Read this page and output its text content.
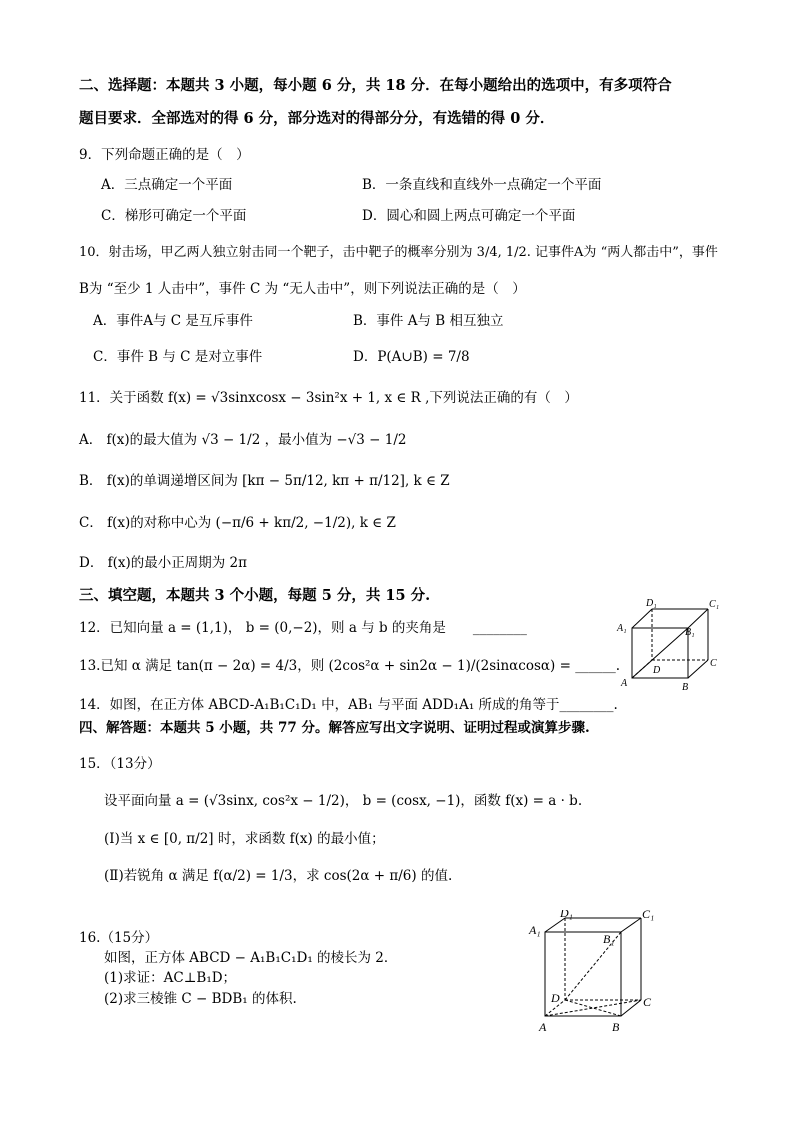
二、选择题：本题共 3 小题，每小题 6 分，共 18 分．在每小题给出的选项中，有多项符合
题目要求．全部选对的得 6 分，部分选对的得部分分，有选错的得 0 分．
9．下列命题正确的是（　）
A．三点确定一个平面	B．一条直线和直线外一点确定一个平面
C．梯形可确定一个平面	D．圆心和圆上两点可确定一个平面
10．射击场，甲乙两人独立射击同一个靶子，击中靶子的概率分别为 3/4, 1/2. 记事件A为 “两人都击中”，事件
B为 “至少 1 人击中”，事件 C 为 “无人击中”，则下列说法正确的是（　）
A．事件A与 C 是互斥事件	B．事件 A与 B 相互独立
C．事件 B 与 C 是对立事件	D．P(A∪B) = 7/8
11．关于函数 f(x) = √3sinxcosx − 3sin²x + 1, x ∈ R ,下列说法正确的有（　）
A． f(x)的最大值为 √3 − 1/2 ，最小值为 −√3 − 1/2
B． f(x)的单调递增区间为 [kπ − 5π/12, kπ + π/12], k ∈ Z
C． f(x)的对称中心为 (−π/6 + kπ/2, −1/2), k ∈ Z
D． f(x)的最小正周期为 2π
三、填空题，本题共 3 个小题，每题 5 分，共 15 分.
12．已知向量 a = (1,1)， b = (0,−2)，则 a 与 b 的夹角是　　________
13.已知 α 满足 tan(π − 2α) = 4/3，则 (2cos²α + sin2α − 1)/(2sinαcosα) = ______.
14．如图，在正方体 ABCD-A₁B₁C₁D₁ 中，AB₁ 与平面 ADD₁A₁ 所成的角等于________.
四、解答题：本题共 5 小题，共 77 分。解答应写出文字说明、证明过程或演算步骤.
15．（13分）
设平面向量 a = (√3sinx, cos²x − 1/2)， b = (cosx, −1)，函数 f(x) = a · b.
(Ⅰ)当 x ∈ [0, π/2] 时，求函数 f(x) 的最小值；
(Ⅱ)若锐角 α 满足 f(α/2) = 1/3，求 cos(2α + π/6) 的值.
16.（15分）
如图，正方体 ABCD − A₁B₁C₁D₁ 的棱长为 2．
(1)求证：AC⊥B₁D；
(2)求三棱锥 C − BDB₁ 的体积.
D₁	C₁
A₁	B₁
C
D
A	B
D₁	C₁
A₁
B₁
D	C
A	B
